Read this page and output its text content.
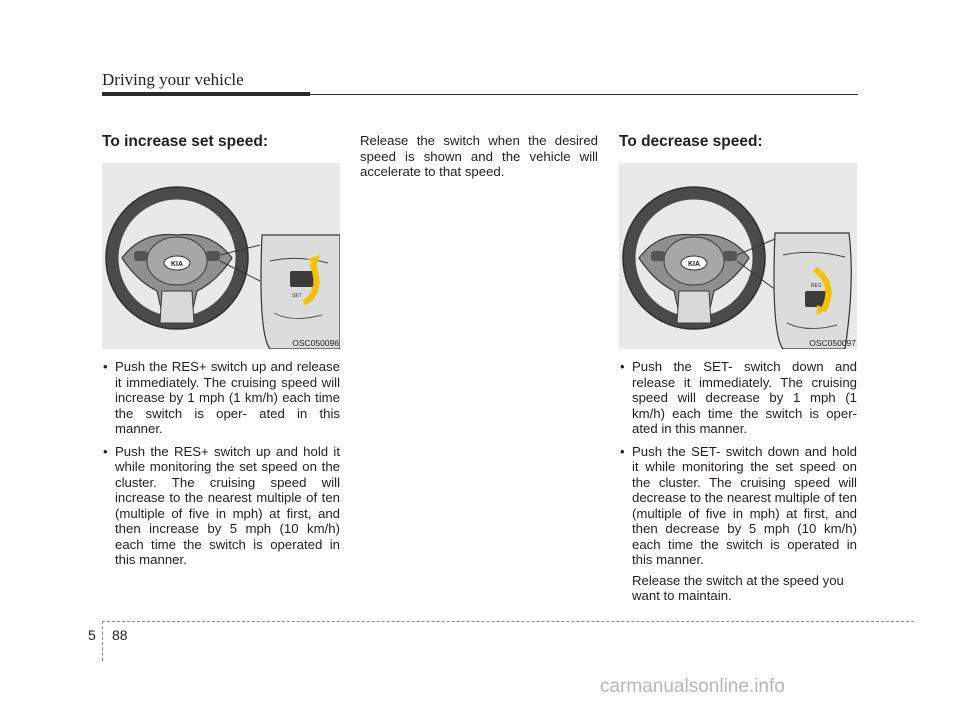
Driving your vehicle
To increase set speed:
KIA
SET
OSC050096
• Push the RES+ switch up and release it immediately. The cruising speed will increase by 1 mph (1 km/h) each time the switch is oper- ated in this manner.
• Push the RES+ switch up and hold it while monitoring the set speed on the cluster. The cruising speed will increase to the nearest multiple of ten (multiple of five in mph) at first, and then increase by 5 mph (10 km/h) each time the switch is operated in this manner.

Release the switch when the desired speed is shown and the vehicle will accelerate to that speed.

To decrease speed:
KIA
RES
OSC050097
• Push the SET- switch down and release it immediately. The cruising speed will decrease by 1 mph (1 km/h) each time the switch is oper- ated in this manner.
• Push the SET- switch down and hold it while monitoring the set speed on the cluster. The cruising speed will decrease to the nearest multiple of ten (multiple of five in mph) at first, and then decrease by 5 mph (10 km/h) each time the switch is operated in this manner.
Release the switch at the speed you want to maintain.
5 88
carmanualsonline.info
